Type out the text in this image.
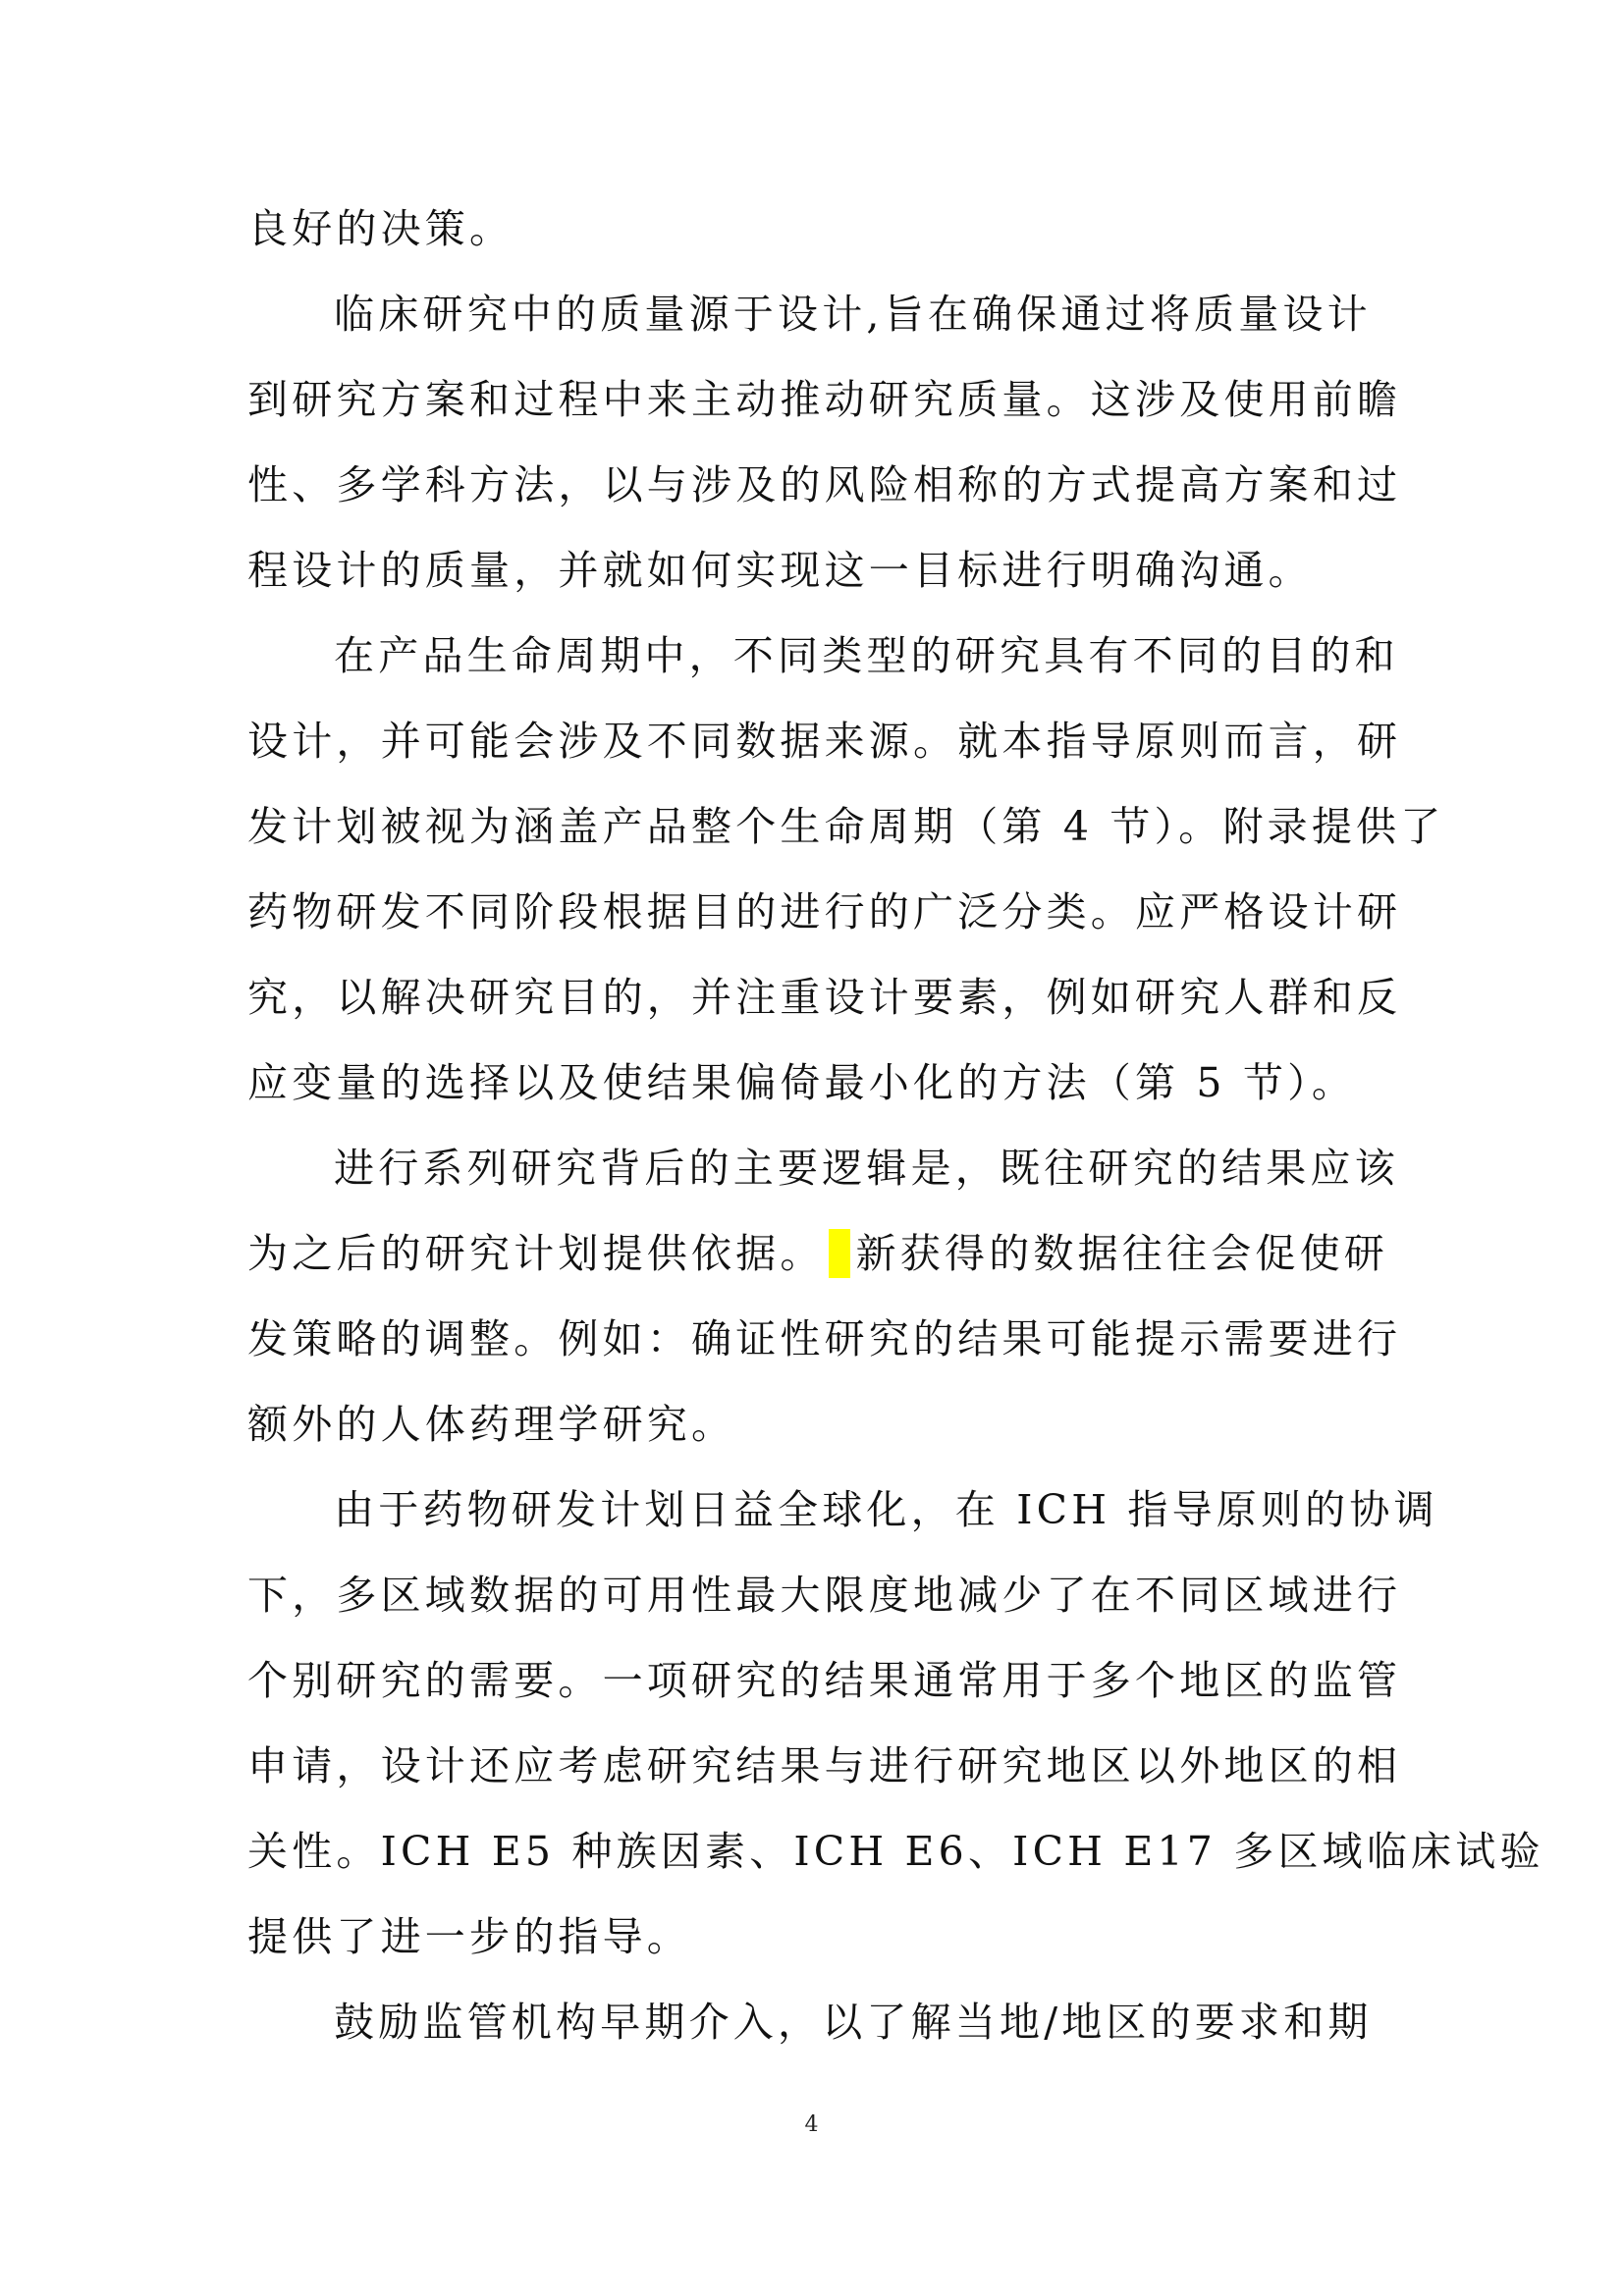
良好的决策。
临床研究中的质量源于设计,旨在确保通过将质量设计
到研究方案和过程中来主动推动研究质量。这涉及使用前瞻
性、多学科方法，以与涉及的风险相称的方式提高方案和过
程设计的质量，并就如何实现这一目标进行明确沟通。
在产品生命周期中，不同类型的研究具有不同的目的和
设计，并可能会涉及不同数据来源。就本指导原则而言，研
发计划被视为涵盖产品整个生命周期（第 4 节）。附录提供了
药物研发不同阶段根据目的进行的广泛分类。应严格设计研
究，以解决研究目的，并注重设计要素，例如研究人群和反
应变量的选择以及使结果偏倚最小化的方法（第 5 节）。
进行系列研究背后的主要逻辑是，既往研究的结果应该
为之后的研究计划提供依据。 新获得的数据往往会促使研
发策略的调整。例如：确证性研究的结果可能提示需要进行
额外的人体药理学研究。
由于药物研发计划日益全球化，在 ICH 指导原则的协调
下，多区域数据的可用性最大限度地减少了在不同区域进行
个别研究的需要。一项研究的结果通常用于多个地区的监管
申请，设计还应考虑研究结果与进行研究地区以外地区的相
关性。ICH E5 种族因素、ICH E6、ICH E17 多区域临床试验
提供了进一步的指导。
鼓励监管机构早期介入，以了解当地/地区的要求和期
4
